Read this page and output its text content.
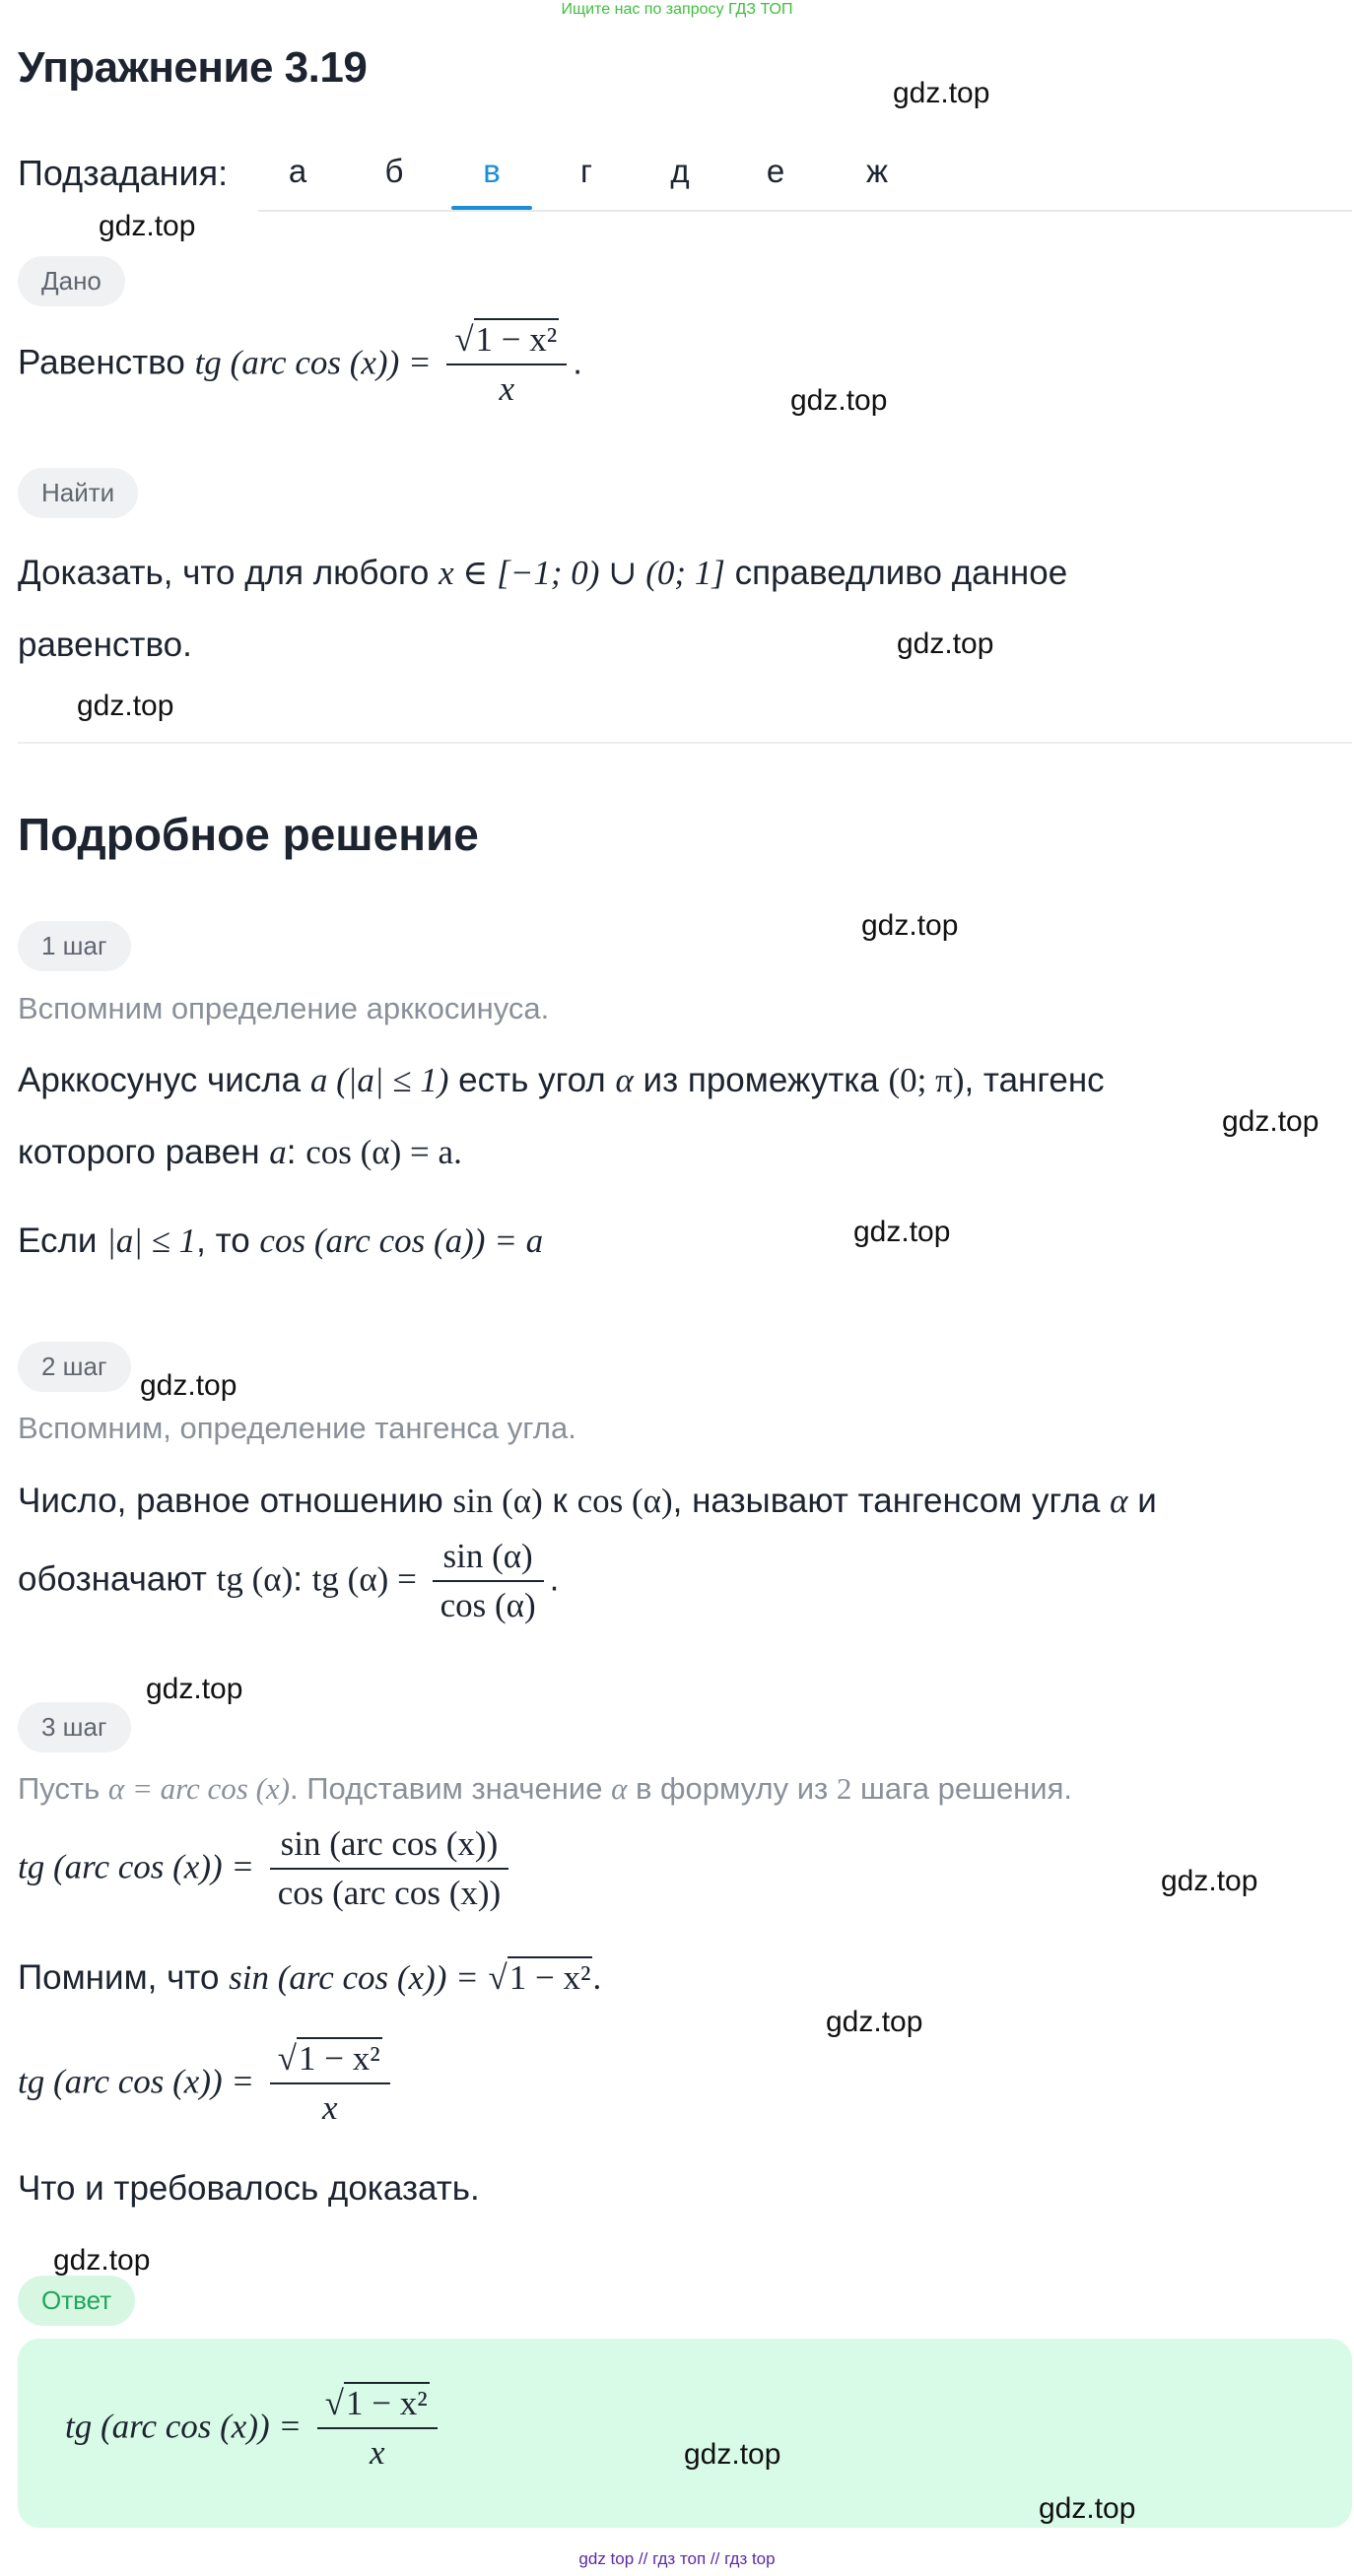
Ищите нас по запросу ГДЗ ТОП
Упражнение 3.19
Подзадания:	а	б	в	г	д	е	ж
Дано
Равенство tg (arc $\cos (x)) = \frac{\text{√1 − x²}}{x}$ .
Найти
Доказать, что для любого x ∈ [−1; 0) ∪ (0; 1] справедливо данное
равенство.
Подробное решение
1 шаг
Вспомним определение арккосинуса.
Арккосунус числа a (|a| ≤ 1) есть угол α из промежутка (0; π), тангенс
которого равен a: cos (α) = a.
Если |a| ≤ 1, то cos (arc cos (a)) = a
2 шаг
Вспомним, определение тангенса угла.
Число, равное отношению sin (α) к cos (α), называют тангенсом угла α и
обозначают tg (α): tg $(\alpha) = \frac{\sin (\alpha)}{\cos (\alpha)}$ .
3 шаг
Пусть α = arc cos (x). Подставим значение α в формулу из 2 шага решения.
tg (arc $\cos (x)) = \frac{\text{sin (arc cos (x))}}{\text{cos (arc cos (x))}}$
Помним, что sin (arc cos (x)) = √1 − x².
tg (arc $\cos (x)) = \frac{\text{√1 − x²}}{x}$
Что и требовалось доказать.
Ответ
tg (arc $\cos (x)) = \frac{\text{√1 − x²}}{x}$
gdz.top
gdz.top
gdz.top
gdz.top
gdz.top
gdz.top
gdz.top
gdz.top
gdz.top
gdz.top
gdz.top
gdz.top
gdz.top
gdz.top
gdz.top
gdz top // гдз топ // гдз top
